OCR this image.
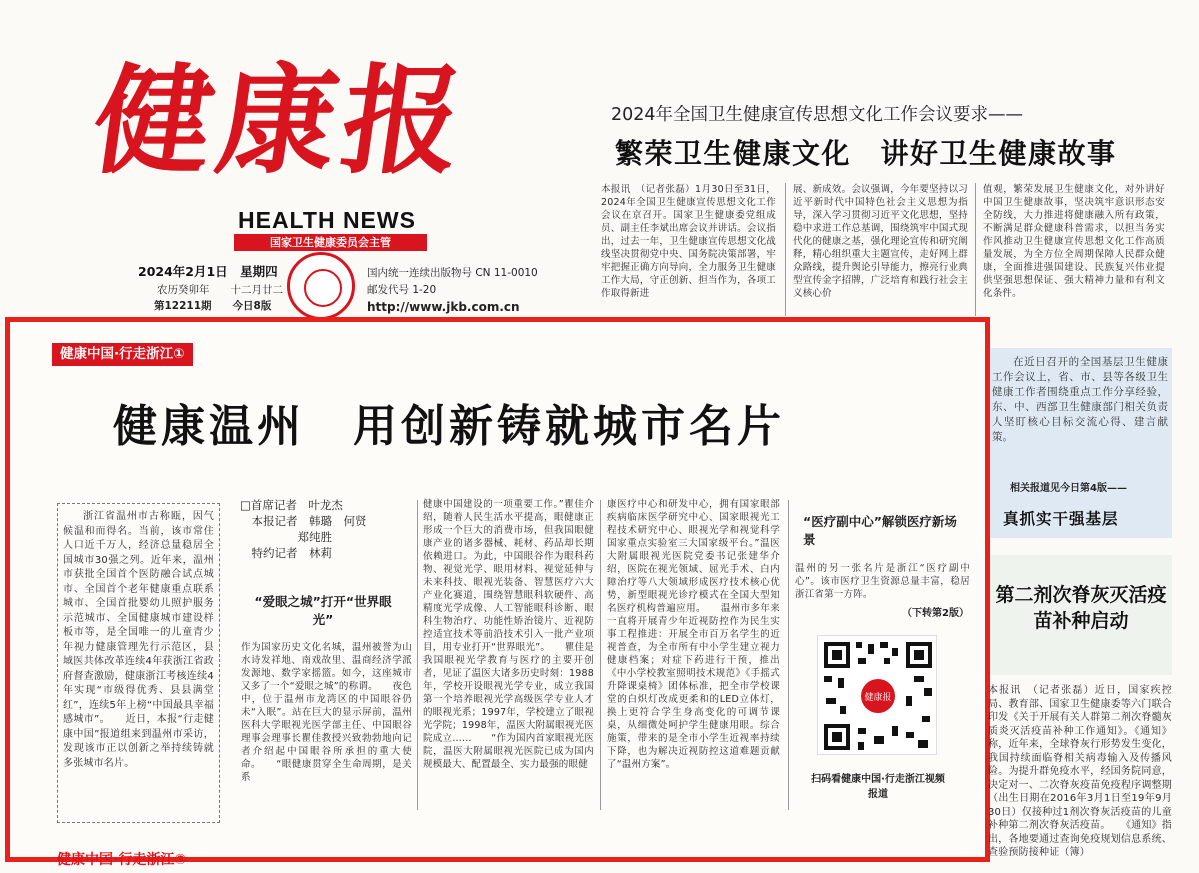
健康报
HEALTH NEWS
国家卫生健康委员会主管
2024年2月1日　星期四
农历癸卯年　　十二月廿二
第12211期　　今日8版
国内统一连续出版物号 CN 11-0010
邮发代号 1-20
http://www.jkb.com.cn
2024年全国卫生健康宣传思想文化工作会议要求——
繁荣卫生健康文化　讲好卫生健康故事
本报讯　（记者张磊）1月30日至31日，2024年全国卫生健康宣传思想文化工作会议在京召开。国家卫生健康委党组成员、副主任李斌出席会议并讲话。会议指出，过去一年，卫生健康宣传思想文化战线坚决贯彻党中央、国务院决策部署，牢牢把握正确方向导向，全力服务卫生健康工作大局，守正创新、担当作为，各项工作取得新进
展、新成效。会议强调，今年要坚持以习近平新时代中国特色社会主义思想为指导，深入学习贯彻习近平文化思想，坚持稳中求进工作总基调，围绕筑牢中国式现代化的健康之基，强化理论宣传和研究阐释，精心组织重大主题宣传，走好网上群众路线，提升舆论引导能力，擦亮行业典型宣传金字招牌，广泛培育和践行社会主义核心价
值观，繁荣发展卫生健康文化，对外讲好中国卫生健康故事，坚决筑牢意识形态安全防线，大力推进将健康融入所有政策，不断满足群众健康科普需求，以担当务实作风推动卫生健康宣传思想文化工作高质量发展，为全方位全周期保障人民群众健康，全面推进强国建设、民族复兴伟业提供坚强思想保证、强大精神力量和有利文化条件。
健康中国·行走浙江①
健康温州　用创新铸就城市名片
浙江省温州市古称瓯，因气候温和而得名。当前，该市常住人口近千万人，经济总量稳居全国城市30强之列。近年来，温州市获批全国首个医防融合试点城市、全国首个老年健康重点联系城市、全国首批婴幼儿照护服务示范城市、全国健康城市建设样板市等，是全国唯一的儿童青少年视力健康管理先行示范区，县域医共体改革连续4年获浙江省政府督查激励，健康浙江考核连续4年实现“市级得优秀、县县满堂红”，连续5年上榜“中国最具幸福感城市”。　　近日，本报“行走健康中国”报道组来到温州市采访，发现该市正以创新之举持续铸就多张城市名片。
□首席记者　 叶龙杰
　本报记者　 韩璐　何贤
　　　　　郑纯胜
　特约记者　 林莉
“爱眼之城”打开“世界眼光”
作为国家历史文化名城，温州被誉为山水诗发祥地、南戏故里、温商经济学派发源地、数学家摇篮。如今，这座城市又多了一个“爱眼之城”的称谓。　　夜色中，位于温州市龙湾区的中国眼谷仍未“入眠”。站在巨大的显示屏前，温州医科大学眼视光医学部主任、中国眼谷理事会理事长瞿佳教授兴致勃勃地向记者介绍起中国眼谷所承担的重大使命。　　“眼健康贯穿全生命周期，是关系
健康中国建设的一项重要工作。”瞿佳介绍，随着人民生活水平提高，眼健康正形成一个巨大的消费市场，但我国眼健康产业的诸多器械、耗材、药品却长期依赖进口。为此，中国眼谷作为眼科药物、视觉光学、眼用材料、视觉延伸与未来科技、眼视光装备、智慧医疗六大产业化赛道，围绕智慧眼科软硬件、高精度光学成像、人工智能眼科诊断、眼科生物治疗、功能性矫治镜片、近视防控适宜技术等前沿技术引入一批产业项目，用专业打开“世界眼光”。　　瞿佳是我国眼视光学教育与医疗的主要开创者，见证了温医大诸多历史时刻：1988年，学校开设眼视光学专业，成立我国第一个培养眼视光学高级医学专业人才的眼视光系；1997年，学校建立了眼视光学院；1998年，温医大附属眼视光医院成立……　　“作为国内首家眼视光医院，温医大附属眼视光医院已成为国内规模最大、配置最全、实力最强的眼健
康医疗中心和研发中心，拥有国家眼部疾病临床医学研究中心、国家眼视光工程技术研究中心、眼视光学和视觉科学国家重点实验室三大国家级平台。”温医大附属眼视光医院党委书记张建华介绍，医院在视光领域、屈光手术、白内障治疗等八大领域形成医疗技术核心优势，新型眼视光诊疗模式在全国大型知名医疗机构普遍应用。　　温州市多年来一直将开展青少年近视防控作为民生实事工程推进：开展全市百万名学生的近视普查，为全市所有中小学生建立视力健康档案；对症下药进行干预，推出《中小学校教室照明技术规范》《手摇式升降课桌椅》团体标准，把全市学校课堂的白炽灯改成更柔和的LED立体灯，换上更符合学生身高变化的可调节课桌，从细微处呵护学生健康用眼。综合施策，带来的是全市小学生近视率持续下降，也为解决近视防控这道难题贡献了“温州方案”。
“医疗副中心”解锁医疗新场景
温州的另一张名片是浙江“医疗副中心”。该市医疗卫生资源总量丰富，稳居浙江省第一方阵。
（下转第2版）
健康报
扫码看健康中国·行走浙江视频报道
在近日召开的全国基层卫生健康工作会议上，省、市、县等各级卫生健康工作者围绕重点工作分享经验，东、中、西部卫生健康部门相关负责人坚盯核心目标交流心得、建言献策。
相关报道见今日第4版——
真抓实干强基层
第二剂次脊灰灭活疫苗补种启动
本报讯　（记者张磊）近日，国家疾控局、教育部、国家卫生健康委等六门联合印发《关于开展有关人群第二剂次脊髓灰质炎灭活疫苗补种工作通知》。《通知》称，近年来，全球脊灰行形势发生变化，我国持续面临脊相关病毒输入及传播风险。为提升群免疫水平，经国务院同意，决定对一、二次脊灰疫苗免疫程序调整期（出生日期在2016年3月1日至19年9月30日）仅接种过1剂次脊灰活疫苗的儿童补种第二剂次脊灰活疫苗。　　《通知》指出，各地要通过查询免疫规划信息系统、查验预防接种证（簿）
健康中国·行走浙江③
